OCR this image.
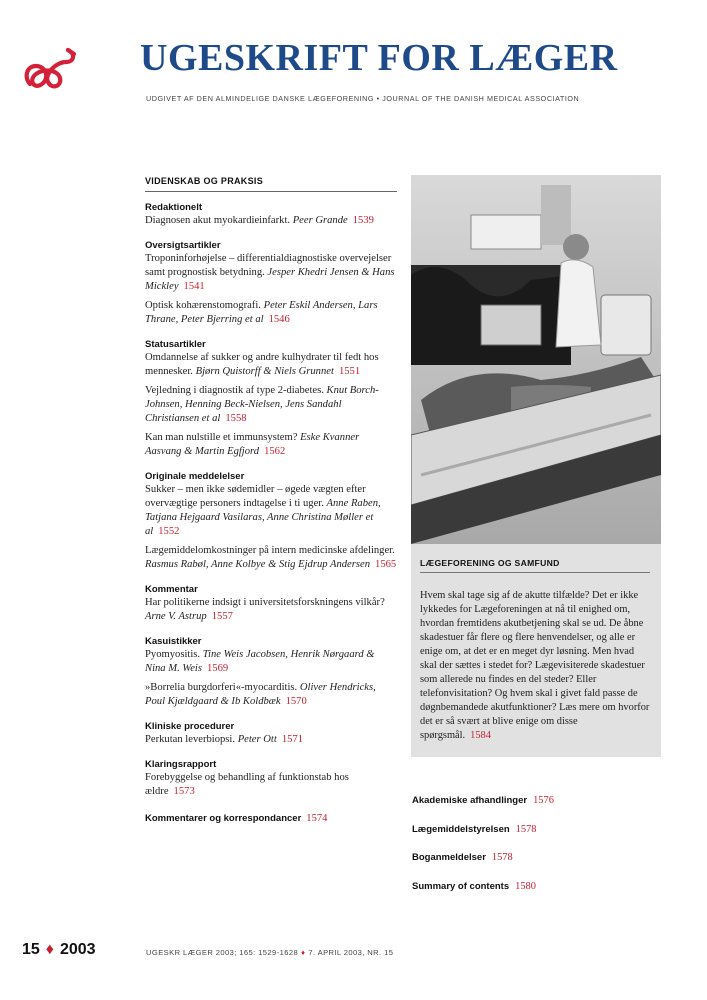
UGESKRIFT FOR LÆGER
UDGIVET AF DEN ALMINDELIGE DANSKE LÆGEFORENING • JOURNAL OF THE DANISH MEDICAL ASSOCIATION
VIDENSKAB OG PRAKSIS
Redaktionelt
Diagnosen akut myokardieinfarkt. Peer Grande 1539
Oversigtsartikler
Troponinforhøjelse – differentialdiagnostiske overvejelser samt prognostisk betydning. Jesper Khedri Jensen & Hans Mickley 1541
Optisk kohærenstomografi. Peter Eskil Andersen, Lars Thrane, Peter Bjerring et al 1546
Statusartikler
Omdannelse af sukker og andre kulhydrater til fedt hos mennesker. Bjørn Quistorff & Niels Grunnet 1551
Vejledning i diagnostik af type 2-diabetes. Knut Borch-Johnsen, Henning Beck-Nielsen, Jens Sandahl Christiansen et al 1558
Kan man nulstille et immunsystem? Eske Kvanner Aasvang & Martin Egfjord 1562
Originale meddelelser
Sukker – men ikke sødemidler – øgede vægten efter overvægtige personers indtagelse i ti uger. Anne Raben, Tatjana Hejgaard Vasilaras, Anne Christina Møller et al 1552
Lægemiddelomkostninger på intern medicinske afdelinger. Rasmus Rabøl, Anne Kolbye & Stig Ejdrup Andersen 1565
Kommentar
Har politikerne indsigt i universitetsforskningens vilkår? Arne V. Astrup 1557
Kasuistikker
Pyomyositis. Tine Weis Jacobsen, Henrik Nørgaard & Nina M. Weis 1569
»Borrelia burgdorferi«-myocarditis. Oliver Hendricks, Poul Kjældgaard & Ib Koldbæk 1570
Kliniske procedurer
Perkutan leverbiopsi. Peter Ott 1571
Klaringsrapport
Forebyggelse og behandling af funktionstab hos ældre 1573
Kommentarer og korrespondancer 1574
LÆGEFORENING OG SAMFUND
Hvem skal tage sig af de akutte tilfælde? Det er ikke lykkedes for Lægeforeningen at nå til enighed om, hvordan fremtidens akutbetjening skal se ud. De åbne skadestuer får flere og flere henvendelser, og alle er enige om, at det er en meget dyr løsning. Men hvad skal der sættes i stedet for? Lægevisiterede skadestuer som allerede nu findes en del steder? Eller telefonvisitation? Og hvem skal i givet fald passe de døgnbemandede akutfunktioner? Læs mere om hvorfor det er så svært at blive enige om disse spørgsmål. 1584
Akademiske afhandlinger 1576
Lægemiddelstyrelsen 1578
Boganmeldelser 1578
Summary of contents 1580
15 ♦ 2003	UGESKR LÆGER 2003; 165: 1529-1628 ♦ 7. APRIL 2003, NR. 15
